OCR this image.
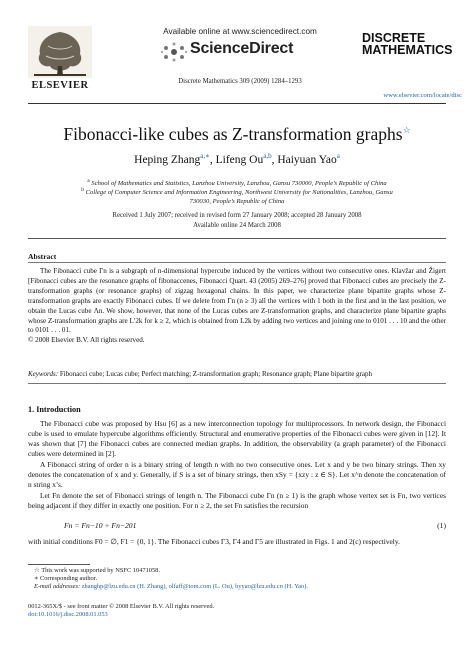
ELSEVIER
Available online at www.sciencedirect.com
ScienceDirect
Discrete Mathematics 309 (2009) 1284–1293
DISCRETE
MATHEMATICS
www.elsevier.com/locate/disc
Fibonacci-like cubes as Z-transformation graphs☆
Heping Zhang$^{a,∗}$, Lifeng Ou$^{a,b}$, Haiyuan Yao$^a$
$^a$ School of Mathematics and Statistics, Lanzhou University, Lanzhou, Gansu 730000, People’s Republic of China
$^b$ College of Computer Science and Information Engineering, Northwest University for Nationalities, Lanzhou, Gansu 730030, People’s Republic of China
Received 1 July 2007; received in revised form 27 January 2008; accepted 28 January 2008
Available online 24 March 2008
Abstract
The Fibonacci cube Γn is a subgraph of n-dimensional hypercube induced by the vertices without two consecutive ones. Klavžar and Žigert [Fibonacci cubes are the resonance graphs of fibonaccenes, Fibonacci Quart. 43 (2005) 269–276] proved that Fibonacci cubes are precisely the Z-transformation graphs (or resonance graphs) of zigzag hexagonal chains. In this paper, we characterize plane bipartite graphs whose Z-transformation graphs are exactly Fibonacci cubes. If we delete from Γn (n ≥ 3) all the vertices with 1 both in the first and in the last position, we obtain the Lucas cube Λn. We show, however, that none of the Lucas cubes are Z-transformation graphs, and characterize plane bipartite graphs whose Z-transformation graphs are L′2k for k ≥ 2, which is obtained from L2k by adding two vertices and joining one to 0101 . . . 10 and the other to 0101 . . . 01.
© 2008 Elsevier B.V. All rights reserved.
Keywords: Fibonacci cube; Lucas cube; Perfect matching; Z-transformation graph; Resonance graph; Plane bipartite graph
1. Introduction
The Fibonacci cube was proposed by Hsu [6] as a new interconnection topology for multiprocessors. In network design, the Fibonacci cube is used to emulate hypercube algorithms efficiently. Structural and enumerative properties of the Fibonacci cubes were given in [12]. It was shown that [7] the Fibonacci cubes are connected median graphs. In addition, the observability (a graph parameter) of the Fibonacci cubes were determined in [2].
A Fibonacci string of order n is a binary string of length n with no two consecutive ones. Let x and y be two binary strings. Then xy denotes the concatenation of x and y. Generally, if S is a set of binary strings, then xSy = {xzy : z ∈ S}. Let x^n denote the concatenation of n string x’s.
Let Fn denote the set of Fibonacci strings of length n. The Fibonacci cube Γn (n ≥ 1) is the graph whose vertex set is Fn, two vertices being adjacent if they differ in exactly one position. For n ≥ 2, the set Fn satisfies the recursion
Fn = Fn−10 + Fn−201	(1)
with initial conditions F0 = ∅, F1 = {0, 1}. The Fibonacci cubes Γ3, Γ4 and Γ5 are illustrated in Figs. 1 and 2(c) respectively.
☆ This work was supported by NSFC 10471058.
∗ Corresponding author.
E-mail addresses: zhanghp@lzu.edu.cn (H. Zhang), olfaff@tom.com (L. Ou), hyyao@lzu.edu.cn (H. Yao).
0012-365X/$ - see front matter © 2008 Elsevier B.V. All rights reserved.
doi:10.1016/j.disc.2008.01.053
